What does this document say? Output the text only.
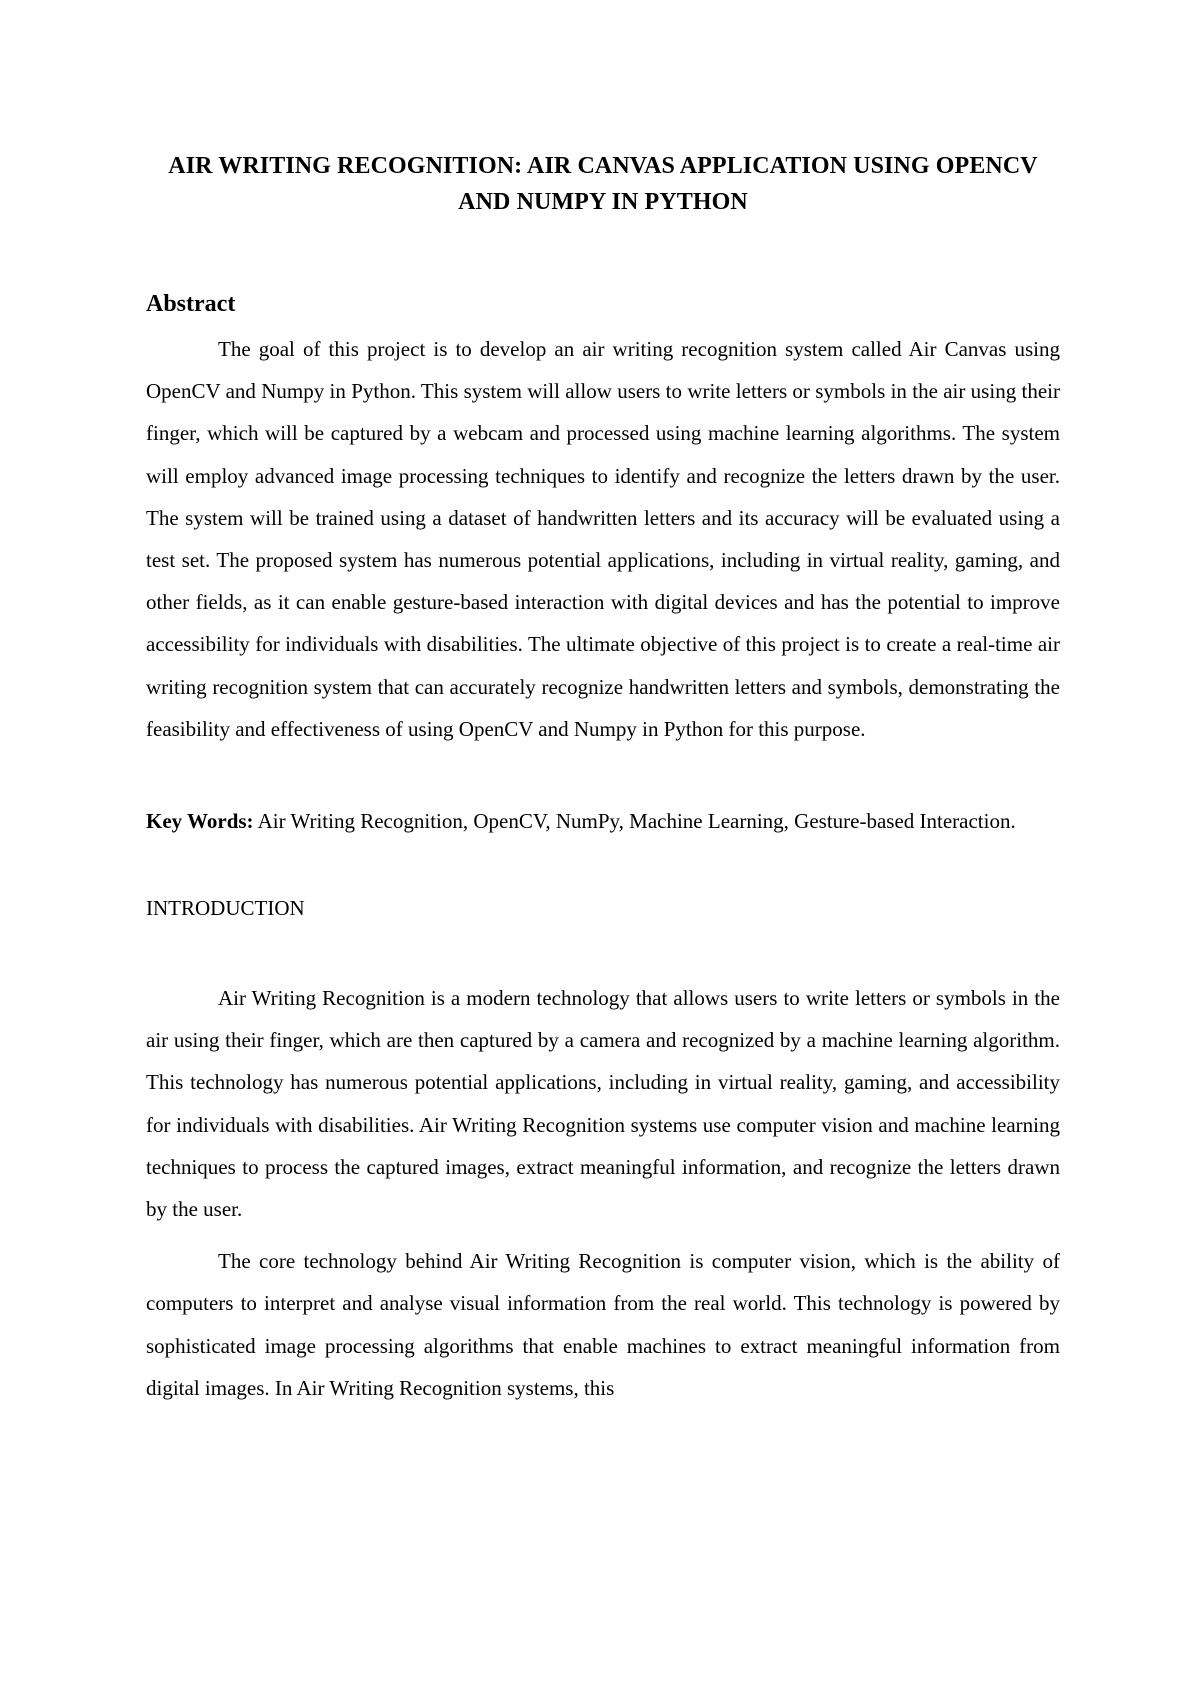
AIR WRITING RECOGNITION: AIR CANVAS APPLICATION USING OPENCV AND NUMPY IN PYTHON
Abstract

The goal of this project is to develop an air writing recognition system called Air Canvas using OpenCV and Numpy in Python. This system will allow users to write letters or symbols in the air using their finger, which will be captured by a webcam and processed using machine learning algorithms. The system will employ advanced image processing techniques to identify and recognize the letters drawn by the user. The system will be trained using a dataset of handwritten letters and its accuracy will be evaluated using a test set. The proposed system has numerous potential applications, including in virtual reality, gaming, and other fields, as it can enable gesture-based interaction with digital devices and has the potential to improve accessibility for individuals with disabilities. The ultimate objective of this project is to create a real-time air writing recognition system that can accurately recognize handwritten letters and symbols, demonstrating the feasibility and effectiveness of using OpenCV and Numpy in Python for this purpose.

Key Words: Air Writing Recognition, OpenCV, NumPy, Machine Learning, Gesture-based Interaction.

INTRODUCTION

Air Writing Recognition is a modern technology that allows users to write letters or symbols in the air using their finger, which are then captured by a camera and recognized by a machine learning algorithm. This technology has numerous potential applications, including in virtual reality, gaming, and accessibility for individuals with disabilities. Air Writing Recognition systems use computer vision and machine learning techniques to process the captured images, extract meaningful information, and recognize the letters drawn by the user.

The core technology behind Air Writing Recognition is computer vision, which is the ability of computers to interpret and analyse visual information from the real world. This technology is powered by sophisticated image processing algorithms that enable machines to extract meaningful information from digital images. In Air Writing Recognition systems, this
